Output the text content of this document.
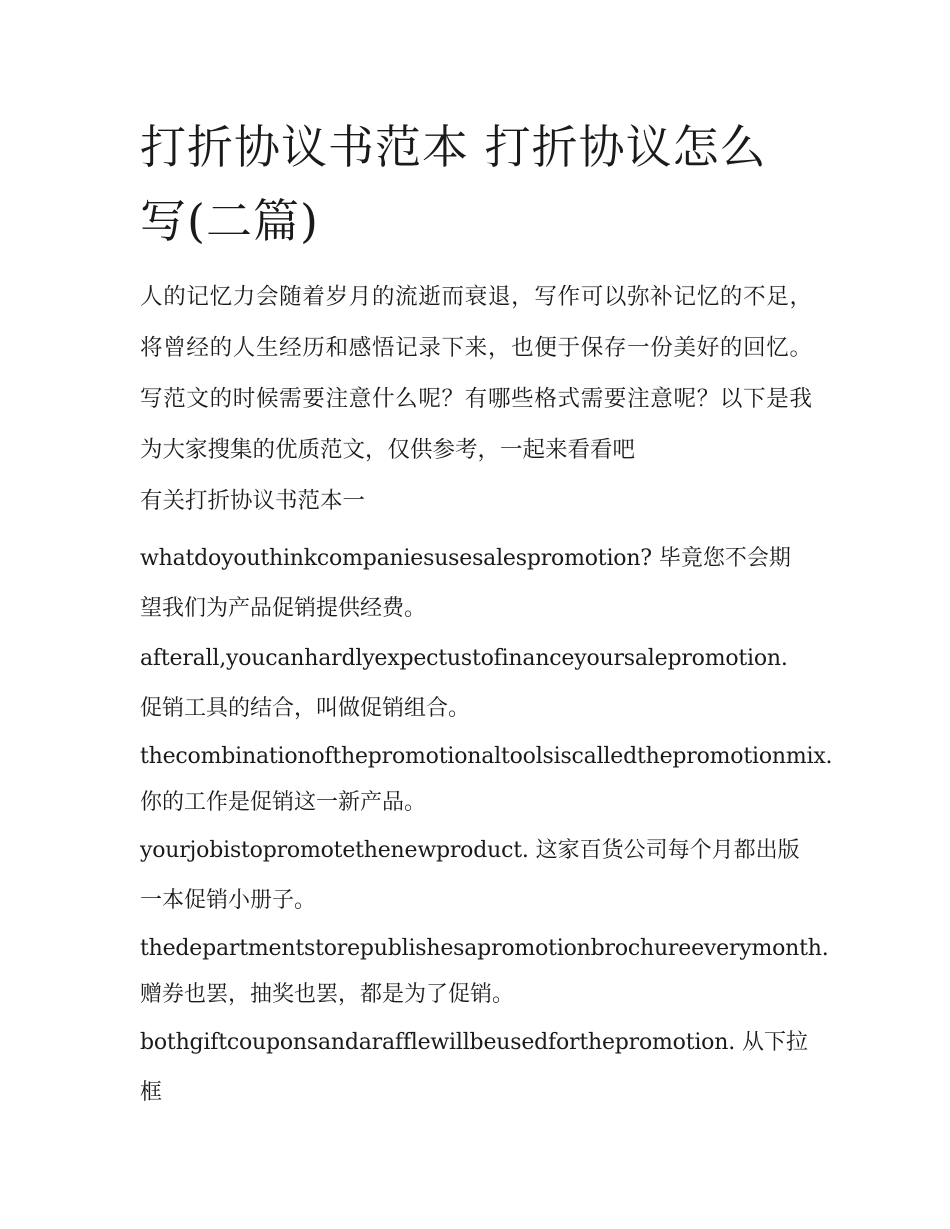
打折协议书范本 打折协议怎么写(二篇)

人的记忆力会随着岁月的流逝而衰退，写作可以弥补记忆的不足，将曾经的人生经历和感悟记录下来，也便于保存一份美好的回忆。写范文的时候需要注意什么呢？有哪些格式需要注意呢？以下是我为大家搜集的优质范文，仅供参考，一起来看看吧

有关打折协议书范本一

whatdoyouthinkcompaniesusesalespromotion? 毕竟您不会期望我们为产品促销提供经费。

afterall,youcanhardlyexpectustofinanceyoursalepromotion. 促销工具的结合，叫做促销组合。

thecombinationofthepromotionaltoolsiscalledthepromotionmix. 你的工作是促销这一新产品。

yourjobistopromotethenewproduct. 这家百货公司每个月都出版一本促销小册子。

thedepartmentstorepublishesapromotionbrochureeverymonth. 赠券也罢，抽奖也罢，都是为了促销。

bothgiftcouponsandarafflewillbeusedforthepromotion. 从下拉框
